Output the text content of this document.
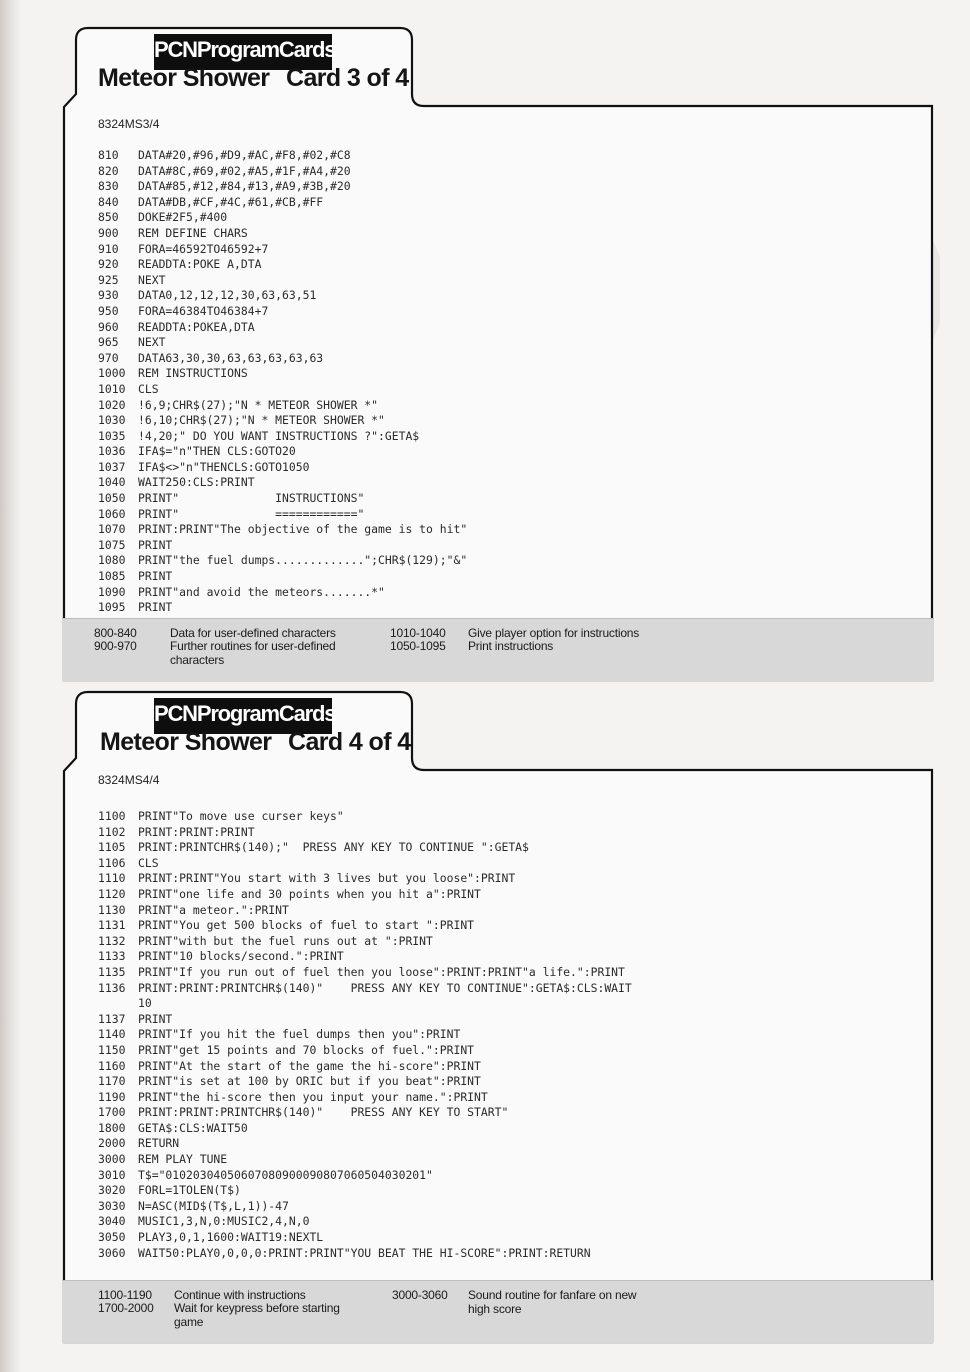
PCNProgramCards
Meteor Shower Card 3 of 4
8324MS3/4
810 DATA#20,#96,#D9,#AC,#F8,#02,#C8
820 DATA#8C,#69,#02,#A5,#1F,#A4,#20
830 DATA#85,#12,#84,#13,#A9,#3B,#20
840 DATA#DB,#CF,#4C,#61,#CB,#FF
850 DOKE#2F5,#400
900 REM DEFINE CHARS
910 FORA=46592TO46592+7
920 READDTA:POKE A,DTA
925 NEXT
930 DATA0,12,12,12,30,63,63,51
950 FORA=46384TO46384+7
960 READDTA:POKEA,DTA
965 NEXT
970 DATA63,30,30,63,63,63,63,63
1000 REM INSTRUCTIONS
1010 CLS
1020 !6,9;CHR$(27);"N * METEOR SHOWER *"
1030 !6,10;CHR$(27);"N * METEOR SHOWER *"
1035 !4,20;" DO YOU WANT INSTRUCTIONS ?":GETA$
1036 IFA$="n"THEN CLS:GOTO20
1037 IFA$<>"n"THENCLS:GOTO1050
1040 WAIT250:CLS:PRINT
1050 PRINT"              INSTRUCTIONS"
1060 PRINT"              ============"
1070 PRINT:PRINT"The objective of the game is to hit"
1075 PRINT
1080 PRINT"the fuel dumps.............";CHR$(129);"&"
1085 PRINT
1090 PRINT"and avoid the meteors.......*"
1095 PRINT
800-840	Data for user-defined characters
900-970	Further routines for user-defined
characters
1010-1040 Give player option for instructions
1050-1095 Print instructions
PCNProgramCards
Meteor Shower Card 4 of 4
8324MS4/4
1100 PRINT"To move use curser keys"
1102 PRINT:PRINT:PRINT
1105 PRINT:PRINTCHR$(140);"  PRESS ANY KEY TO CONTINUE ":GETA$
1106 CLS
1110 PRINT:PRINT"You start with 3 lives but you loose":PRINT
1120 PRINT"one life and 30 points when you hit a":PRINT
1130 PRINT"a meteor.":PRINT
1131 PRINT"You get 500 blocks of fuel to start ":PRINT
1132 PRINT"with but the fuel runs out at ":PRINT
1133 PRINT"10 blocks/second.":PRINT
1135 PRINT"If you run out of fuel then you loose":PRINT:PRINT"a life.":PRINT
1136 PRINT:PRINT:PRINTCHR$(140)"    PRESS ANY KEY TO CONTINUE":GETA$:CLS:WAIT
10
1137 PRINT
1140 PRINT"If you hit the fuel dumps then you":PRINT
1150 PRINT"get 15 points and 70 blocks of fuel.":PRINT
1160 PRINT"At the start of the game the hi-score":PRINT
1170 PRINT"is set at 100 by ORIC but if you beat":PRINT
1190 PRINT"the hi-score then you input your name.":PRINT
1700 PRINT:PRINT:PRINTCHR$(140)"    PRESS ANY KEY TO START"
1800 GETA$:CLS:WAIT50
2000 RETURN
3000 REM PLAY TUNE
3010 T$="01020304050607080900090807060504030201"
3020 FORL=1TOLEN(T$)
3030 N=ASC(MID$(T$,L,1))-47
3040 MUSIC1,3,N,0:MUSIC2,4,N,0
3050 PLAY3,0,1,1600:WAIT19:NEXTL
3060 WAIT50:PLAY0,0,0,0:PRINT:PRINT"YOU BEAT THE HI-SCORE":PRINT:RETURN
1100-1190 Continue with instructions
1700-2000 Wait for keypress before starting
game
3000-3060 Sound routine for fanfare on new
high score
